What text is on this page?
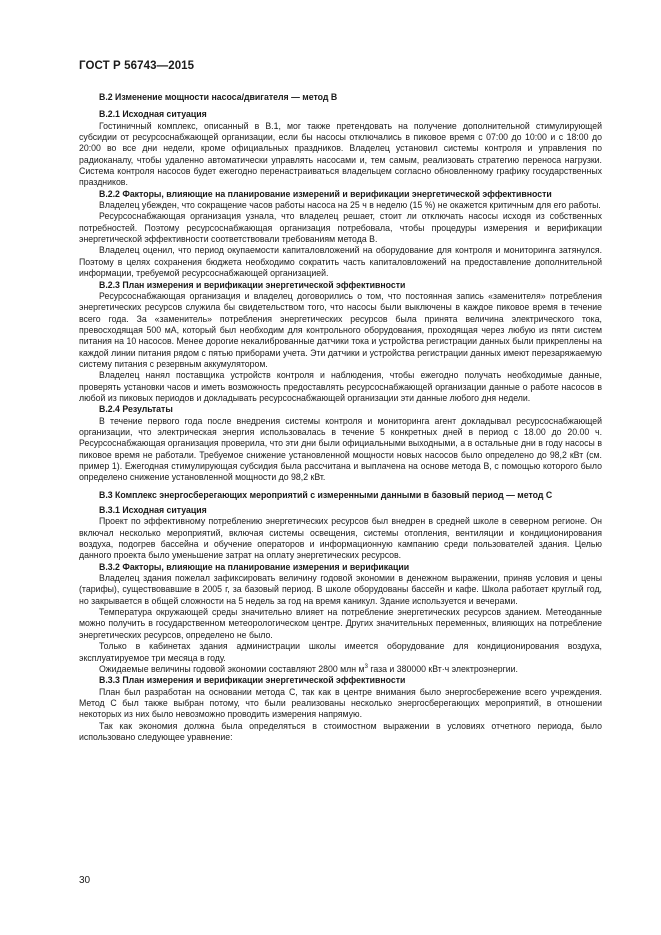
ГОСТ Р 56743—2015
B.2 Изменение мощности насоса/двигателя — метод B
B.2.1 Исходная ситуация

Гостиничный комплекс, описанный в B.1, мог также претендовать на получение дополнительной стимулирующей субсидии от ресурсоснабжающей организации, если бы насосы отключались в пиковое время с 07:00 до 10:00 и с 18:00 до 20:00 во все дни недели, кроме официальных праздников. Владелец установил системы контроля и управления по радиоканалу, чтобы удаленно автоматически управлять насосами и, тем самым, реализовать стратегию переноса нагрузки. Система контроля насосов будет ежегодно перенастраиваться владельцем согласно обновленному графику государственных праздников.

B.2.2 Факторы, влияющие на планирование измерений и верификации энергетической эффективности

Владелец убежден, что сокращение часов работы насоса на 25 ч в неделю (15 %) не окажется критичным для его работы.

Ресурсоснабжающая организация узнала, что владелец решает, стоит ли отключать насосы исходя из собственных потребностей. Поэтому ресурсоснабжающая организация потребовала, чтобы процедуры измерения и верификации энергетической эффективности соответствовали требованиям метода B.

Владелец оценил, что период окупаемости капиталовложений на оборудование для контроля и мониторинга затянулся. Поэтому в целях сохранения бюджета необходимо сократить часть капиталовложений на предоставление дополнительной информации, требуемой ресурсоснабжающей организацией.

B.2.3 План измерения и верификации энергетической эффективности

Ресурсоснабжающая организация и владелец договорились о том, что постоянная запись «заменителя» потребления энергетических ресурсов служила бы свидетельством того, что насосы были выключены в каждое пиковое время в течение всего года. За «заменитель» потребления энергетических ресурсов была принята величина электрического тока, превосходящая 500 мА, который был необходим для контрольного оборудования, проходящая через любую из пяти систем питания на 10 насосов. Менее дорогие некалиброванные датчики тока и устройства регистрации данных были прикреплены на каждой линии питания рядом с пятью приборами учета. Эти датчики и устройства регистрации данных имеют перезаряжаемую систему питания с резервным аккумулятором.

Владелец нанял поставщика устройств контроля и наблюдения, чтобы ежегодно получать необходимые данные, проверять установки часов и иметь возможность предоставлять ресурсоснабжающей организации данные о работе насосов в любой из пиковых периодов и докладывать ресурсоснабжающей организации эти данные любого дня недели.

B.2.4 Результаты

В течение первого года после внедрения системы контроля и мониторинга агент докладывал ресурсоснабжающей организации, что электрическая энергия использовалась в течение 5 конкретных дней в период с 18.00 до 20.00 ч. Ресурсоснабжающая организация проверила, что эти дни были официальными выходными, а в остальные дни в году насосы в пиковое время не работали. Требуемое снижение установленной мощности новых насосов было определено до 98,2 кВт (см. пример 1). Ежегодная стимулирующая субсидия была рассчитана и выплачена на основе метода B, с помощью которого было определено снижение установленной мощности до 98,2 кВт.

B.3 Комплекс энергосберегающих мероприятий с измеренными данными в базовый период — метод C
B.3.1 Исходная ситуация

Проект по эффективному потреблению энергетических ресурсов был внедрен в средней школе в северном регионе. Он включал несколько мероприятий, включая системы освещения, системы отопления, вентиляции и кондиционирования воздуха, подогрев бассейна и обучение операторов и информационную кампанию среди пользователей здания. Целью данного проекта было уменьшение затрат на оплату энергетических ресурсов.

B.3.2 Факторы, влияющие на планирование измерения и верификации

Владелец здания пожелал зафиксировать величину годовой экономии в денежном выражении, приняв условия и цены (тарифы), существовавшие в 2005 г, за базовый период. В школе оборудованы бассейн и кафе. Школа работает круглый год, но закрывается в общей сложности на 5 недель за год на время каникул. Здание используется и вечерами.

Температура окружающей среды значительно влияет на потребление энергетических ресурсов зданием. Метеоданные можно получить в государственном метеорологическом центре. Других значительных переменных, влияющих на потребление энергетических ресурсов, определено не было.

Только в кабинетах здания администрации школы имеется оборудование для кондиционирования воздуха, эксплуатируемое три месяца в году.

Ожидаемые величины годовой экономии составляют 2800 млн $м^3$ газа и 380000 кВт·ч электроэнергии.

B.3.3 План измерения и верификации энергетической эффективности

План был разработан на основании метода C, так как в центре внимания было энергосбережение всего учреждения. Метод C был также выбран потому, что были реализованы несколько энергосберегающих мероприятий, в отношении некоторых из них было невозможно проводить измерения напрямую.

Так как экономия должна была определяться в стоимостном выражении в условиях отчетного периода, было использовано следующее уравнение:

30
